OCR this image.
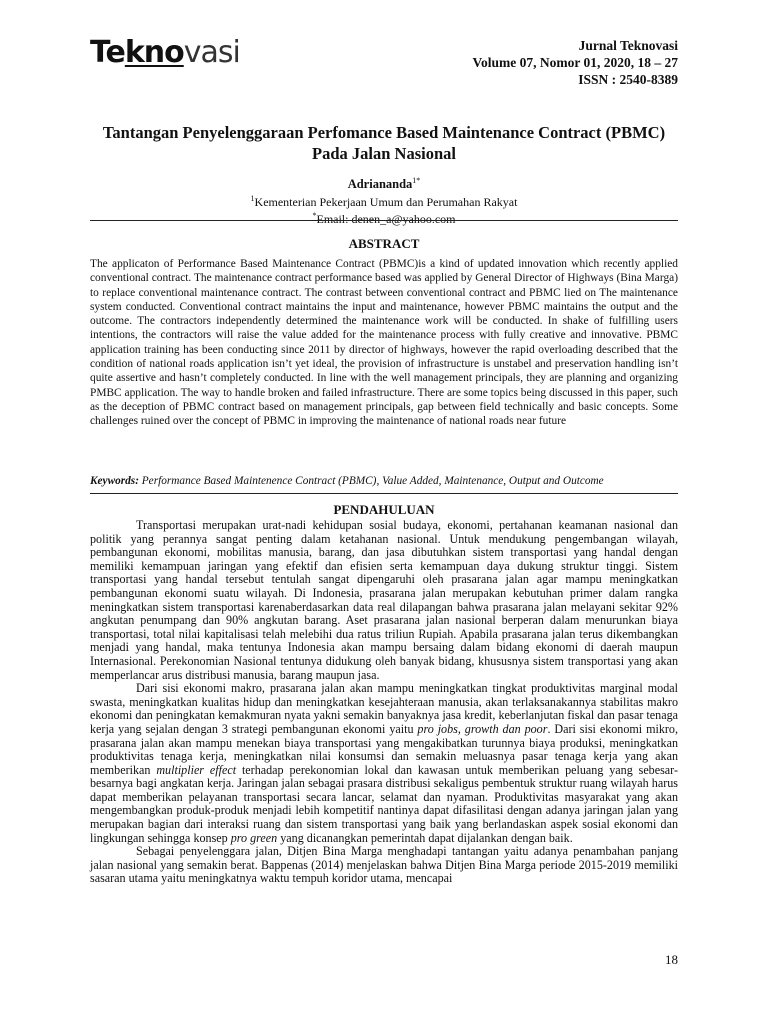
Teknovasi	Jurnal Teknovasi
Volume 07, Nomor 01, 2020, 18 – 27
ISSN : 2540-8389
Tantangan Penyelenggaraan Perfomance Based Maintenance Contract (PBMC) Pada Jalan Nasional
Adriananda$^{1*}$
$^1$Kementerian Pekerjaan Umum dan Perumahan Rakyat
*Email: denen_a@yahoo.com
ABSTRACT
The applicaton of Performance Based Maintenance Contract (PBMC)is a kind of updated innovation which recently applied conventional contract. The maintenance contract performance based was applied by General Director of Highways (Bina Marga) to replace conventional maintenance contract. The contrast between conventional contract and PBMC lied on The maintenance system conducted. Conventional contract maintains the input and maintenance, however PBMC maintains the output and the outcome. The contractors independently determined the maintenance work will be conducted. In shake of fulfilling users intentions, the contractors will raise the value added for the maintenance process with fully creative and innovative. PBMC application training has been conducting since 2011 by director of highways, however the rapid overloading described that the condition of national roads application isn’t yet ideal, the provision of infrastructure is unstabel and preservation handling isn’t quite assertive and hasn’t completely conducted. In line with the well management principals, they are planning and organizing PMBC application. The way to handle broken and failed infrastructure. There are some topics being discussed in this paper, such as the deception of PBMC contract based on management principals, gap between field technically and basic concepts. Some challenges ruined over the concept of PBMC in improving the maintenance of national roads near future
Keywords: Performance Based Maintenence Contract (PBMC), Value Added, Maintenance, Output and Outcome
PENDAHULUAN

Transportasi merupakan urat-nadi kehidupan sosial budaya, ekonomi, pertahanan keamanan nasional dan politik yang perannya sangat penting dalam ketahanan nasional. Untuk mendukung pengembangan wilayah, pembangunan ekonomi, mobilitas manusia, barang, dan jasa dibutuhkan sistem transportasi yang handal dengan memiliki kemampuan jaringan yang efektif dan efisien serta kemampuan daya dukung struktur tinggi. Sistem transportasi yang handal tersebut tentulah sangat dipengaruhi oleh prasarana jalan agar mampu meningkatkan pembangunan ekonomi suatu wilayah. Di Indonesia, prasarana jalan merupakan kebutuhan primer dalam rangka meningkatkan sistem transportasi karenaberdasarkan data real dilapangan bahwa prasarana jalan melayani sekitar 92% angkutan penumpang dan 90% angkutan barang. Aset prasarana jalan nasional berperan dalam menurunkan biaya transportasi, total nilai kapitalisasi telah melebihi dua ratus triliun Rupiah. Apabila prasarana jalan terus dikembangkan menjadi yang handal, maka tentunya Indonesia akan mampu bersaing dalam bidang ekonomi di daerah maupun Internasional. Perekonomian Nasional tentunya didukung oleh banyak bidang, khususnya sistem transportasi yang akan memperlancar arus distribusi manusia, barang maupun jasa.

Dari sisi ekonomi makro, prasarana jalan akan mampu meningkatkan tingkat produktivitas marginal modal swasta, meningkatkan kualitas hidup dan meningkatkan kesejahteraan manusia, akan terlaksanakannya stabilitas makro ekonomi dan peningkatan kemakmuran nyata yakni semakin banyaknya jasa kredit, keberlanjutan fiskal dan pasar tenaga kerja yang sejalan dengan 3 strategi pembangunan ekonomi yaitu pro jobs, growth dan poor. Dari sisi ekonomi mikro, prasarana jalan akan mampu menekan biaya transportasi yang mengakibatkan turunnya biaya produksi, meningkatkan produktivitas tenaga kerja, meningkatkan nilai konsumsi dan semakin meluasnya pasar tenaga kerja yang akan memberikan multiplier effect terhadap perekonomian lokal dan kawasan untuk memberikan peluang yang sebesar-besarnya bagi angkatan kerja. Jaringan jalan sebagai prasara distribusi sekaligus pembentuk struktur ruang wilayah harus dapat memberikan pelayanan transportasi secara lancar, selamat dan nyaman. Produktivitas masyarakat yang akan mengembangkan produk-produk menjadi lebih kompetitif nantinya dapat difasilitasi dengan adanya jaringan jalan yang merupakan bagian dari interaksi ruang dan sistem transportasi yang baik yang berlandaskan aspek sosial ekonomi dan lingkungan sehingga konsep pro green yang dicanangkan pemerintah dapat dijalankan dengan baik.

Sebagai penyelenggara jalan, Ditjen Bina Marga menghadapi tantangan yaitu adanya penambahan panjang jalan nasional yang semakin berat. Bappenas (2014) menjelaskan bahwa Ditjen Bina Marga periode 2015-2019 memiliki sasaran utama yaitu meningkatnya waktu tempuh koridor utama, mencapai

18
